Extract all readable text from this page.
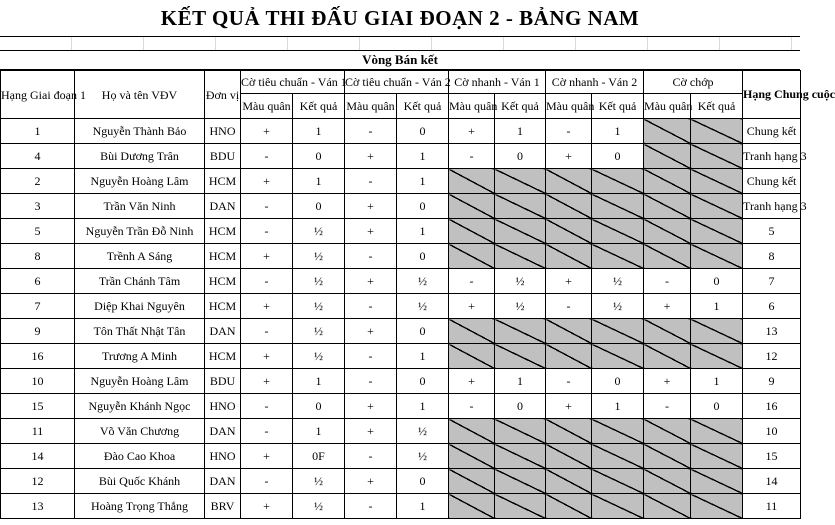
KẾT QUẢ THI ĐẤU GIAI ĐOẠN 2 - BẢNG NAM
Vòng Bán kết
Hạng Giai đoạn 1	Họ và tên VĐV	Đơn vị	Cờ tiêu chuẩn - Ván 1		Cờ tiêu chuẩn - Ván 2		Cờ nhanh - Ván 1		Cờ nhanh - Ván 2		Cờ chớp		Hạng Chung cuộc
			Màu quân	Kết quả	Màu quân	Kết quả	Màu quân	Kết quả	Màu quân	Kết quả	Màu quân	Kết quả	
1	Nguyễn Thành Bảo	HNO	+	1	-	0	+	1	-	1			Chung kết
4	Bùi Dương Trân	BDU	-	0	+	1	-	0	+	0			Tranh hạng 3
2	Nguyễn Hoàng Lâm	HCM	+	1	-	1							Chung kết
3	Trần Văn Ninh	DAN	-	0	+	0							Tranh hạng 3
5	Nguyễn Trần Đỗ Ninh	HCM	-	½	+	1							5
8	Trềnh A Sáng	HCM	+	½	-	0							8
6	Trần Chánh Tâm	HCM	-	½	+	½	-	½	+	½	-	0	7
7	Diệp Khai Nguyên	HCM	+	½	-	½	+	½	-	½	+	1	6
9	Tôn Thất Nhật Tân	DAN	-	½	+	0							13
16	Trương A Minh	HCM	+	½	-	1							12
10	Nguyễn Hoàng Lâm	BDU	+	1	-	0	+	1	-	0	+	1	9
15	Nguyễn Khánh Ngọc	HNO	-	0	+	1	-	0	+	1	-	0	16
11	Võ Văn Chương	DAN	-	1	+	½							10
14	Đào Cao Khoa	HNO	+	0F	-	½							15
12	Bùi Quốc Khánh	DAN	-	½	+	0							14
13	Hoàng Trọng Thắng	BRV	+	½	-	1							11
